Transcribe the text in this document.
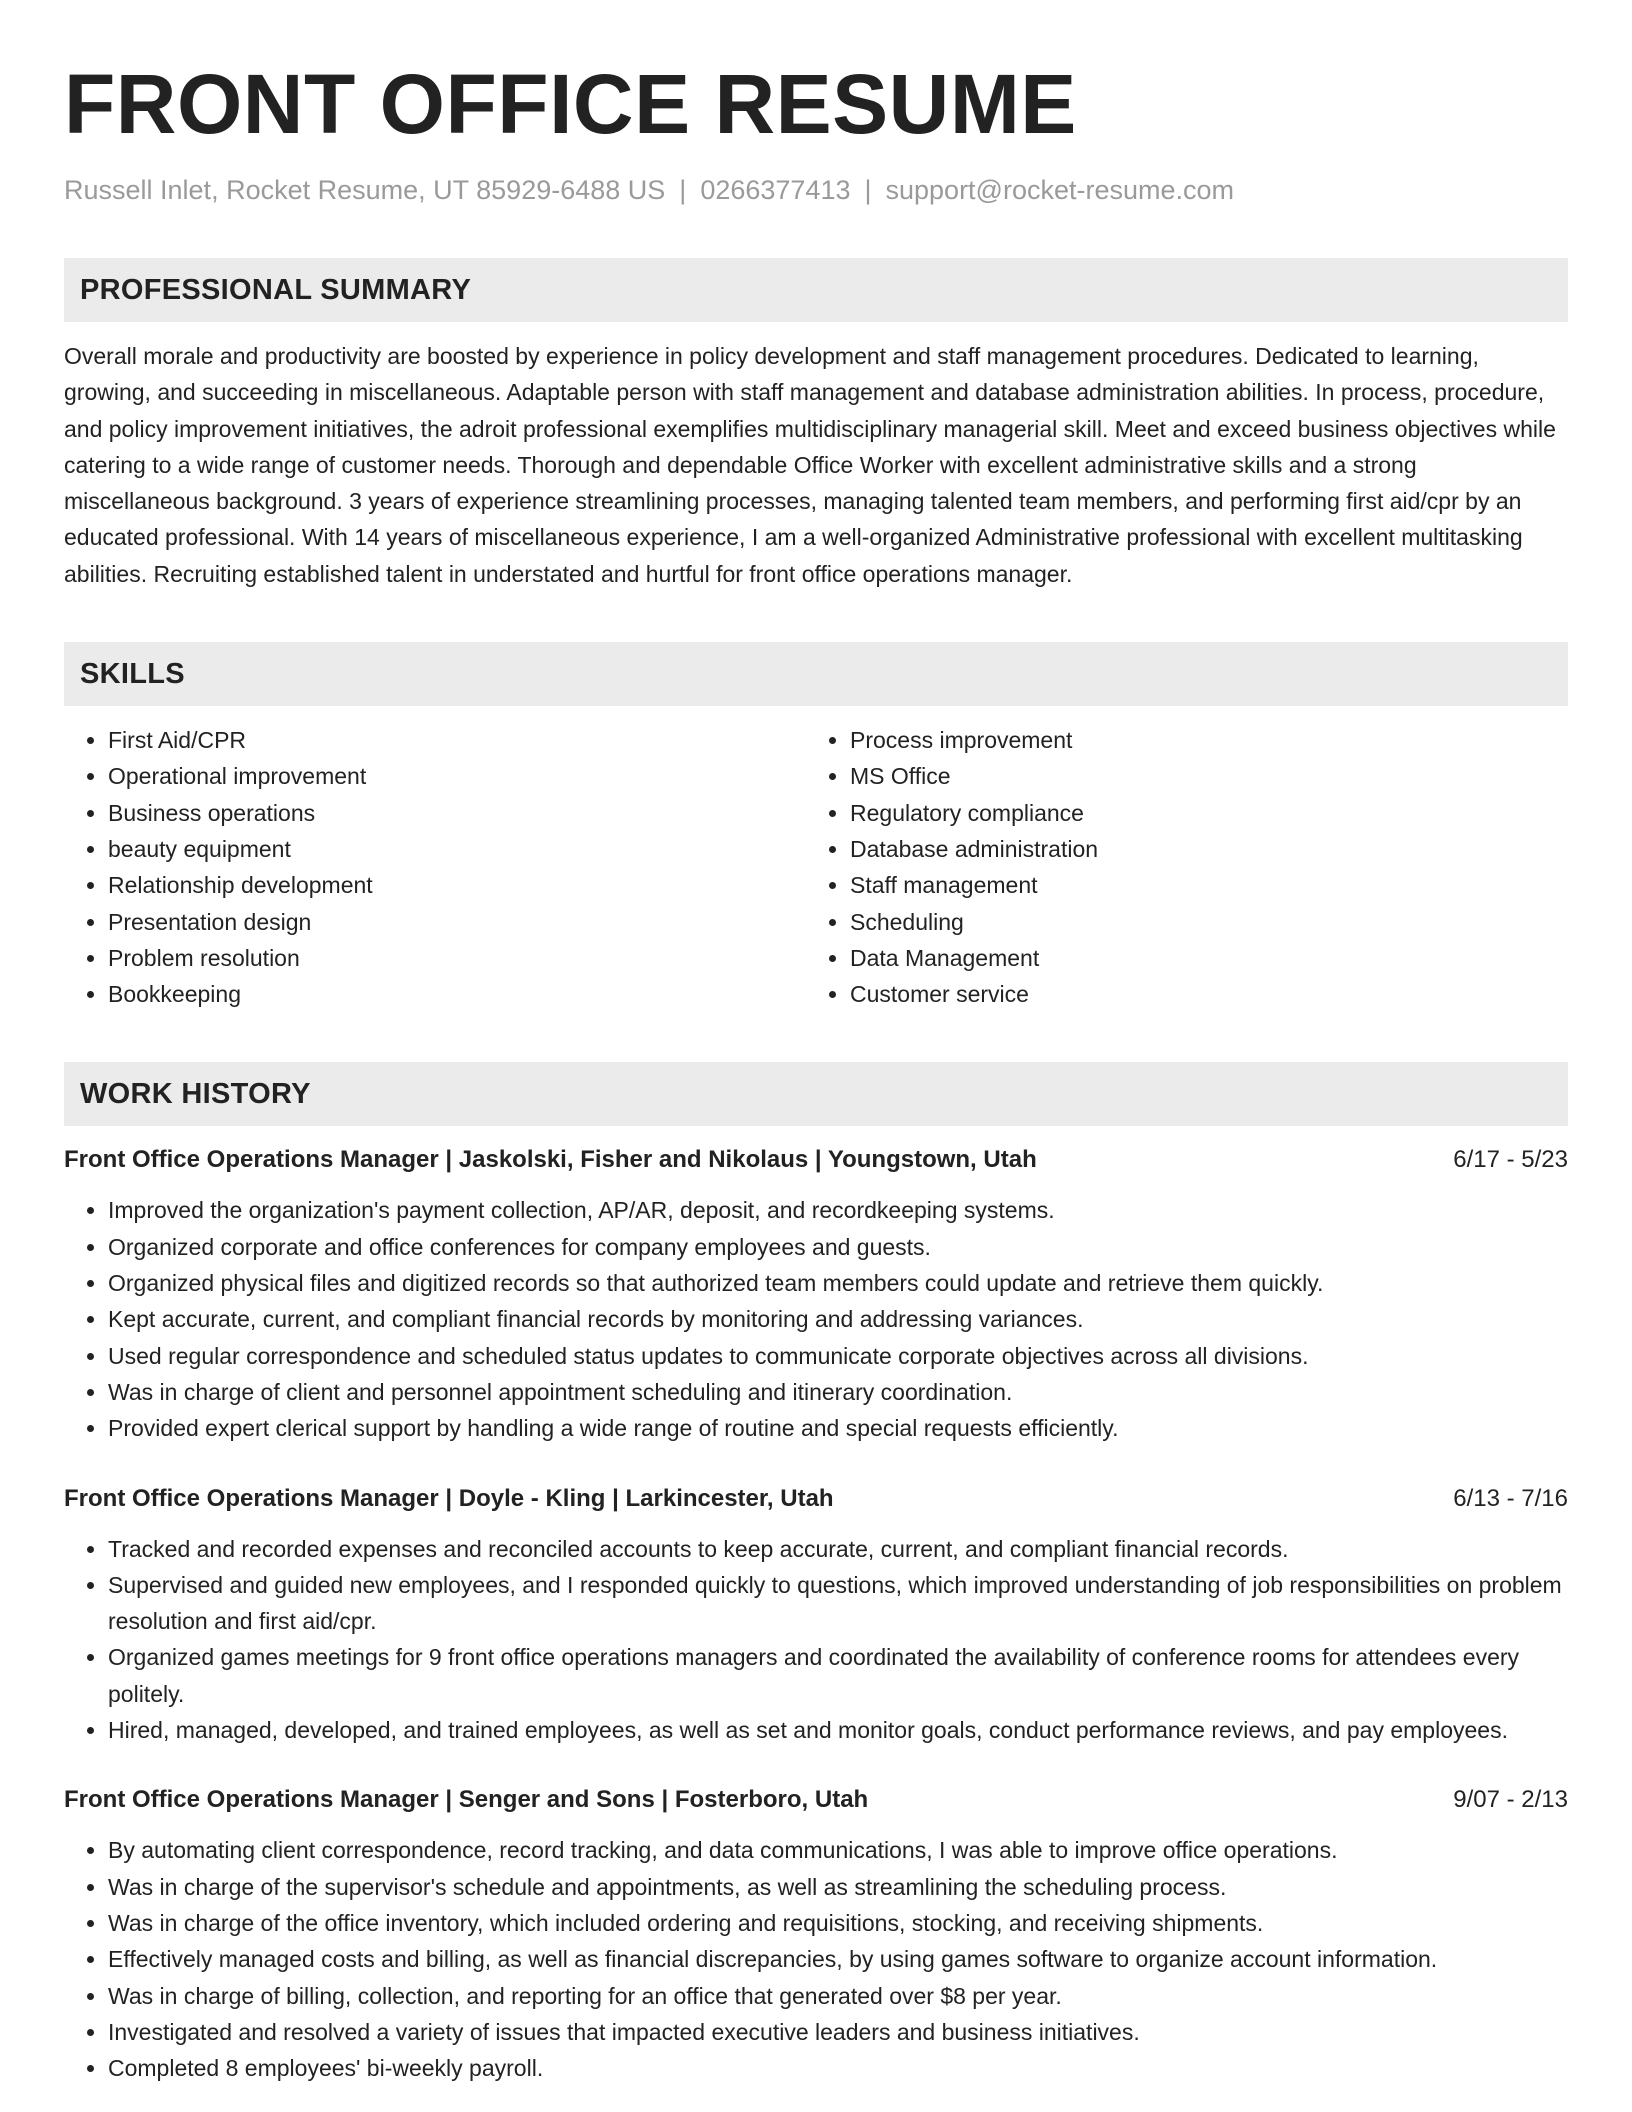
FRONT OFFICE RESUME
Russell Inlet, Rocket Resume, UT 85929-6488 US | 0266377413 | support@rocket-resume.com
PROFESSIONAL SUMMARY
Overall morale and productivity are boosted by experience in policy development and staff management procedures. Dedicated to learning, growing, and succeeding in miscellaneous. Adaptable person with staff management and database administration abilities. In process, procedure, and policy improvement initiatives, the adroit professional exemplifies multidisciplinary managerial skill. Meet and exceed business objectives while catering to a wide range of customer needs. Thorough and dependable Office Worker with excellent administrative skills and a strong miscellaneous background. 3 years of experience streamlining processes, managing talented team members, and performing first aid/cpr by an educated professional. With 14 years of miscellaneous experience, I am a well-organized Administrative professional with excellent multitasking abilities. Recruiting established talent in understated and hurtful for front office operations manager.
SKILLS
• First Aid/CPR
• Operational improvement
• Business operations
• beauty equipment
• Relationship development
• Presentation design
• Problem resolution
• Bookkeeping
• Process improvement
• MS Office
• Regulatory compliance
• Database administration
• Staff management
• Scheduling
• Data Management
• Customer service
WORK HISTORY
Front Office Operations Manager | Jaskolski, Fisher and Nikolaus | Youngstown, Utah	6/17 - 5/23
• Improved the organization's payment collection, AP/AR, deposit, and recordkeeping systems.
• Organized corporate and office conferences for company employees and guests.
• Organized physical files and digitized records so that authorized team members could update and retrieve them quickly.
• Kept accurate, current, and compliant financial records by monitoring and addressing variances.
• Used regular correspondence and scheduled status updates to communicate corporate objectives across all divisions.
• Was in charge of client and personnel appointment scheduling and itinerary coordination.
• Provided expert clerical support by handling a wide range of routine and special requests efficiently.
Front Office Operations Manager | Doyle - Kling | Larkincester, Utah	6/13 - 7/16
• Tracked and recorded expenses and reconciled accounts to keep accurate, current, and compliant financial records.
• Supervised and guided new employees, and I responded quickly to questions, which improved understanding of job responsibilities on problem resolution and first aid/cpr.
• Organized games meetings for 9 front office operations managers and coordinated the availability of conference rooms for attendees every politely.
• Hired, managed, developed, and trained employees, as well as set and monitor goals, conduct performance reviews, and pay employees.
Front Office Operations Manager | Senger and Sons | Fosterboro, Utah	9/07 - 2/13
• By automating client correspondence, record tracking, and data communications, I was able to improve office operations.
• Was in charge of the supervisor's schedule and appointments, as well as streamlining the scheduling process.
• Was in charge of the office inventory, which included ordering and requisitions, stocking, and receiving shipments.
• Effectively managed costs and billing, as well as financial discrepancies, by using games software to organize account information.
• Was in charge of billing, collection, and reporting for an office that generated over $8 per year.
• Investigated and resolved a variety of issues that impacted executive leaders and business initiatives.
• Completed 8 employees' bi-weekly payroll.
